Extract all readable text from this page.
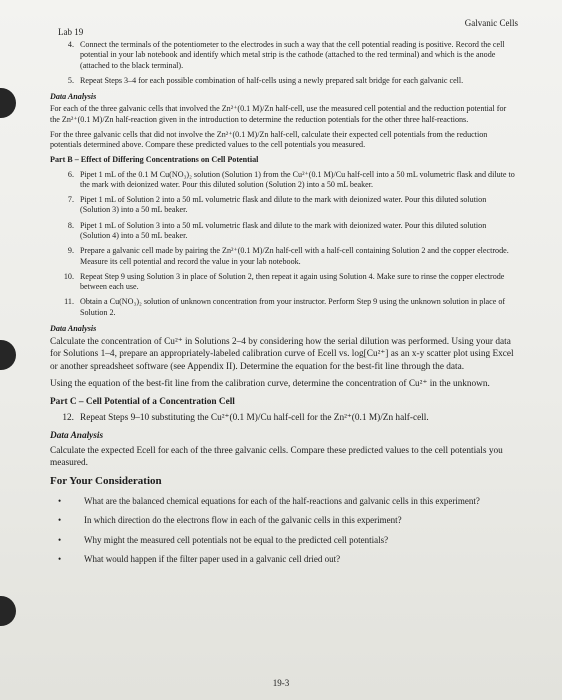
Lab 19
Galvanic Cells
4. Connect the terminals of the potentiometer to the electrodes in such a way that the cell potential reading is positive. Record the cell potential in your lab notebook and identify which metal strip is the cathode (attached to the red terminal) and which is the anode (attached to the black terminal).
5. Repeat Steps 3–4 for each possible combination of half-cells using a newly prepared salt bridge for each galvanic cell.
Data Analysis

For each of the three galvanic cells that involved the Zn²⁺(0.1 M)/Zn half-cell, use the measured cell potential and the reduction potential for the Zn²⁺(0.1 M)/Zn half-reaction given in the introduction to determine the reduction potentials for the other three half-reactions.

For the three galvanic cells that did not involve the Zn²⁺(0.1 M)/Zn half-cell, calculate their expected cell potentials from the reduction potentials determined above. Compare these predicted values to the cell potentials you measured.

Part B – Effect of Differing Concentrations on Cell Potential
6. Pipet 1 mL of the 0.1 M Cu(NO₃)₂ solution (Solution 1) from the Cu²⁺(0.1 M)/Cu half-cell into a 50 mL volumetric flask and dilute to the mark with deionized water. Pour this diluted solution (Solution 2) into a 50 mL beaker.
7. Pipet 1 mL of Solution 2 into a 50 mL volumetric flask and dilute to the mark with deionized water. Pour this diluted solution (Solution 3) into a 50 mL beaker.
8. Pipet 1 mL of Solution 3 into a 50 mL volumetric flask and dilute to the mark with deionized water. Pour this diluted solution (Solution 4) into a 50 mL beaker.
9. Prepare a galvanic cell made by pairing the Zn²⁺(0.1 M)/Zn half-cell with a half-cell containing Solution 2 and the copper electrode. Measure its cell potential and record the value in your lab notebook.
10. Repeat Step 9 using Solution 3 in place of Solution 2, then repeat it again using Solution 4. Make sure to rinse the copper electrode between each use.
11. Obtain a Cu(NO₃)₂ solution of unknown concentration from your instructor. Perform Step 9 using the unknown solution in place of Solution 2.
Data Analysis

Calculate the concentration of Cu²⁺ in Solutions 2–4 by considering how the serial dilution was performed. Using your data for Solutions 1–4, prepare an appropriately-labeled calibration curve of Ecell vs. log[Cu²⁺] as an x-y scatter plot using Excel or another spreadsheet software (see Appendix II). Determine the equation for the best-fit line through the data.

Using the equation of the best-fit line from the calibration curve, determine the concentration of Cu²⁺ in the unknown.

Part C – Cell Potential of a Concentration Cell
12. Repeat Steps 9–10 substituting the Cu²⁺(0.1 M)/Cu half-cell for the Zn²⁺(0.1 M)/Zn half-cell.
Data Analysis

Calculate the expected Ecell for each of the three galvanic cells. Compare these predicted values to the cell potentials you measured.

For Your Consideration
•	What are the balanced chemical equations for each of the half-reactions and galvanic cells in this experiment?
•	In which direction do the electrons flow in each of the galvanic cells in this experiment?
•	Why might the measured cell potentials not be equal to the predicted cell potentials?
•	What would happen if the filter paper used in a galvanic cell dried out?
19-3
